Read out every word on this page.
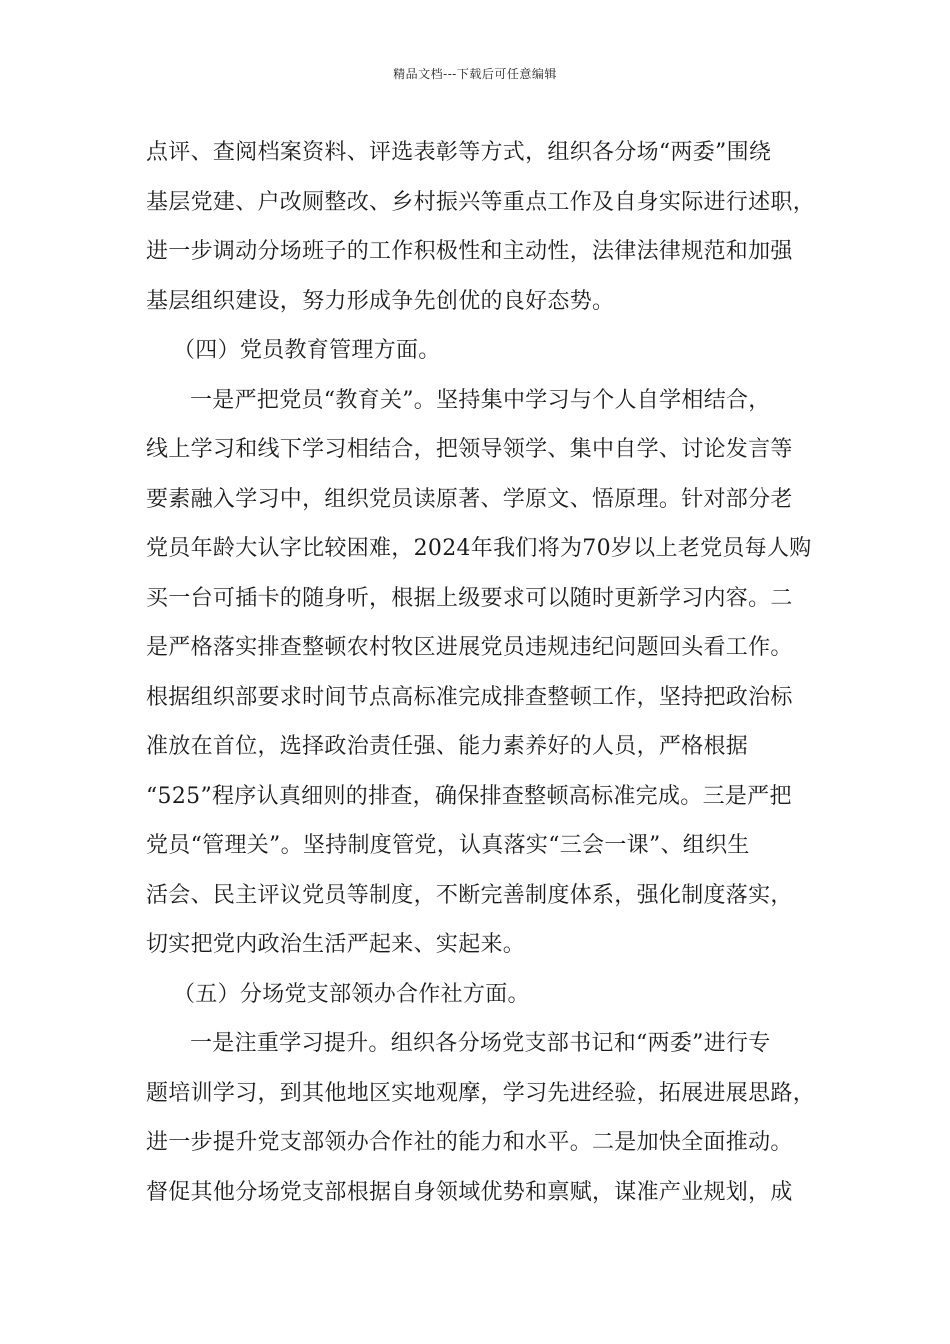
精品文档---下载后可任意编辑
点评、查阅档案资料、评选表彰等方式，组织各分场“两委”围绕
基层党建、户改厕整改、乡村振兴等重点工作及自身实际进行述职，
进一步调动分场班子的工作积极性和主动性，法律法律规范和加强
基层组织建设，努力形成争先创优的良好态势。
（四）党员教育管理方面。
一是严把党员“教育关”。坚持集中学习与个人自学相结合，
线上学习和线下学习相结合，把领导领学、集中自学、讨论发言等
要素融入学习中，组织党员读原著、学原文、悟原理。针对部分老
党员年龄大认字比较困难，2024年我们将为70岁以上老党员每人购
买一台可插卡的随身听，根据上级要求可以随时更新学习内容。二
是严格落实排查整顿农村牧区进展党员违规违纪问题回头看工作。
根据组织部要求时间节点高标准完成排查整顿工作，坚持把政治标
准放在首位，选择政治责任强、能力素养好的人员，严格根据
“525”程序认真细则的排查，确保排查整顿高标准完成。三是严把
党员“管理关”。坚持制度管党，认真落实“三会一课”、组织生
活会、民主评议党员等制度，不断完善制度体系，强化制度落实，
切实把党内政治生活严起来、实起来。
（五）分场党支部领办合作社方面。
一是注重学习提升。组织各分场党支部书记和“两委”进行专
题培训学习，到其他地区实地观摩，学习先进经验，拓展进展思路，
进一步提升党支部领办合作社的能力和水平。二是加快全面推动。
督促其他分场党支部根据自身领域优势和禀赋，谋准产业规划，成
